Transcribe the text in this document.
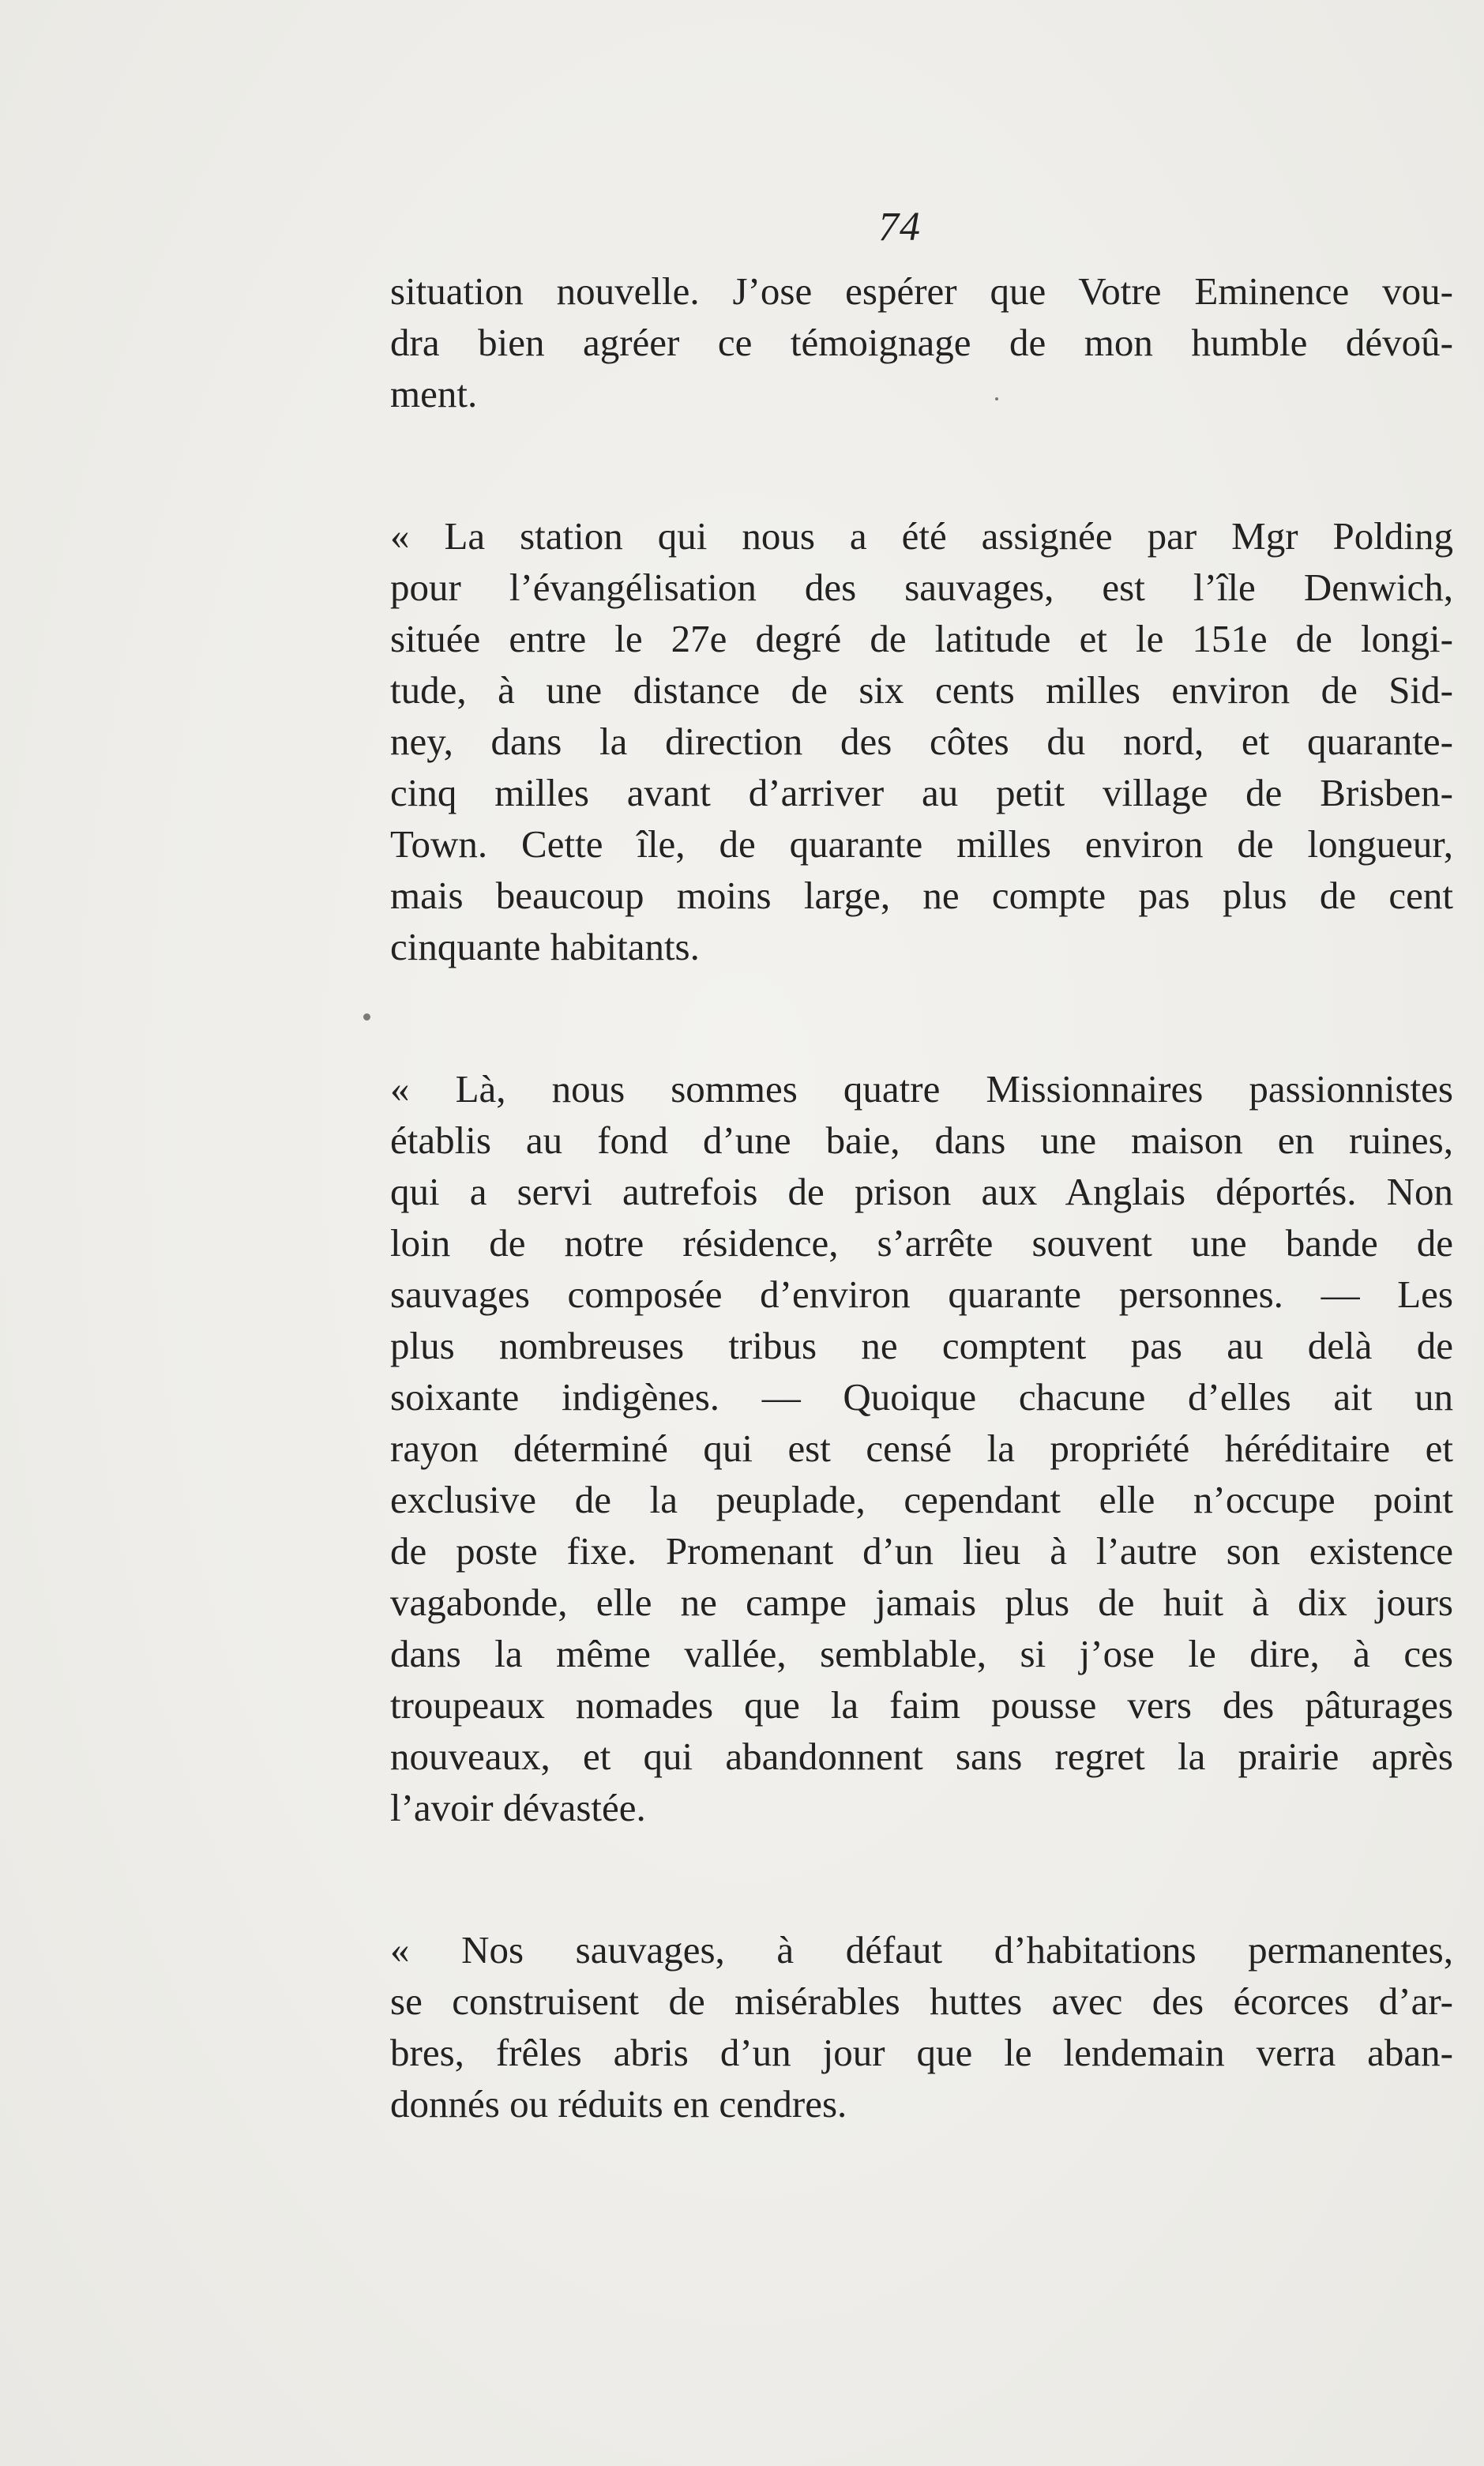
74
situation nouvelle. J’ose espérer que Votre Eminence vou-
dra bien agréer ce témoignage de mon humble dévoû-
ment.
« La station qui nous a été assignée par Mgr Polding
pour l’évangélisation des sauvages, est l’île Denwich,
située entre le 27e degré de latitude et le 151e de longi-
tude, à une distance de six cents milles environ de Sid-
ney, dans la direction des côtes du nord, et quarante-
cinq milles avant d’arriver au petit village de Brisben-
Town. Cette île, de quarante milles environ de longueur,
mais beaucoup moins large, ne compte pas plus de cent
cinquante habitants.
« Là, nous sommes quatre Missionnaires passionnistes
établis au fond d’une baie, dans une maison en ruines,
qui a servi autrefois de prison aux Anglais déportés. Non
loin de notre résidence, s’arrête souvent une bande de
sauvages composée d’environ quarante personnes. — Les
plus nombreuses tribus ne comptent pas au delà de
soixante indigènes. — Quoique chacune d’elles ait un
rayon déterminé qui est censé la propriété héréditaire et
exclusive de la peuplade, cependant elle n’occupe point
de poste fixe. Promenant d’un lieu à l’autre son existence
vagabonde, elle ne campe jamais plus de huit à dix jours
dans la même vallée, semblable, si j’ose le dire, à ces
troupeaux nomades que la faim pousse vers des pâturages
nouveaux, et qui abandonnent sans regret la prairie après
l’avoir dévastée.
« Nos sauvages, à défaut d’habitations permanentes,
se construisent de misérables huttes avec des écorces d’ar-
bres, frêles abris d’un jour que le lendemain verra aban-
donnés ou réduits en cendres.
